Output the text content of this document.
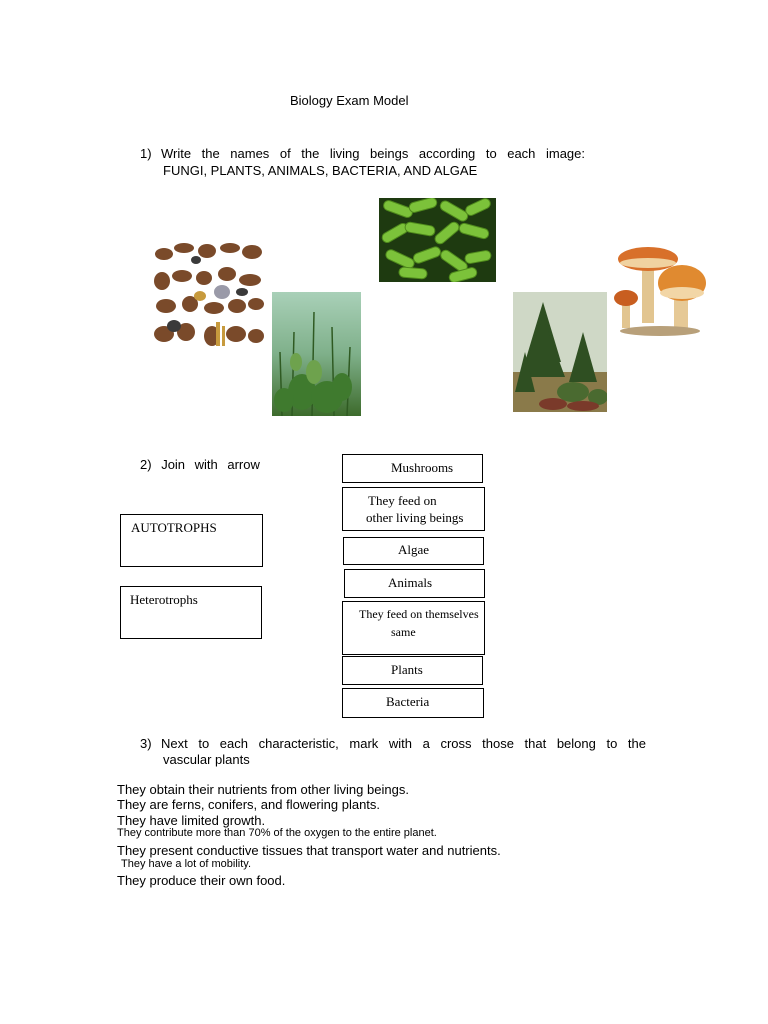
Biology Exam Model
1) Write the names of the living beings according to each image:
FUNGI, PLANTS, ANIMALS, BACTERIA, AND ALGAE
2) Join with arrow
AUTOTROPHS
Heterotrophs
Mushrooms
They feed on
other living beings
Algae
Animals
They feed on themselves
same
Plants
Bacteria
3) Next to each characteristic, mark with a cross those that belong to the
vascular plants
They obtain their nutrients from other living beings.
They are ferns, conifers, and flowering plants.
They have limited growth.
They contribute more than 70% of the oxygen to the entire planet.
They present conductive tissues that transport water and nutrients.
They have a lot of mobility.
They produce their own food.
